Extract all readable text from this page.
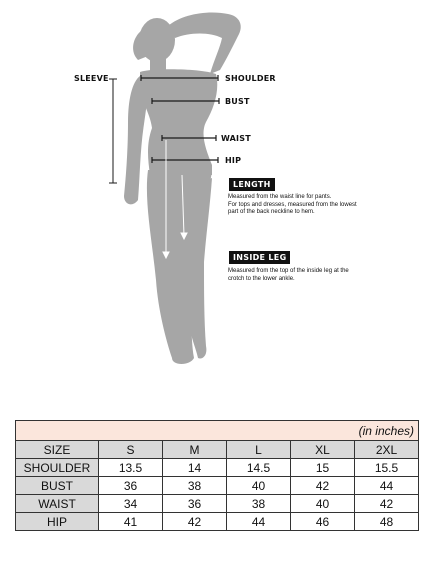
SLEEVE	SHOULDER
BUST
WAIST
HIP
LENGTH
Measured from the waist line for pants.
For tops and dresses, measured from the lowest
part of the back neckline to hem.
INSIDE LEG
Measured from the top of the inside leg at the
crotch to the lower ankle.
(in inches)					
SIZE	S	M	L	XL	2XL
SHOULDER	13.5	14	14.5	15	15.5
BUST	36	38	40	42	44
WAIST	34	36	38	40	42
HIP	41	42	44	46	48
